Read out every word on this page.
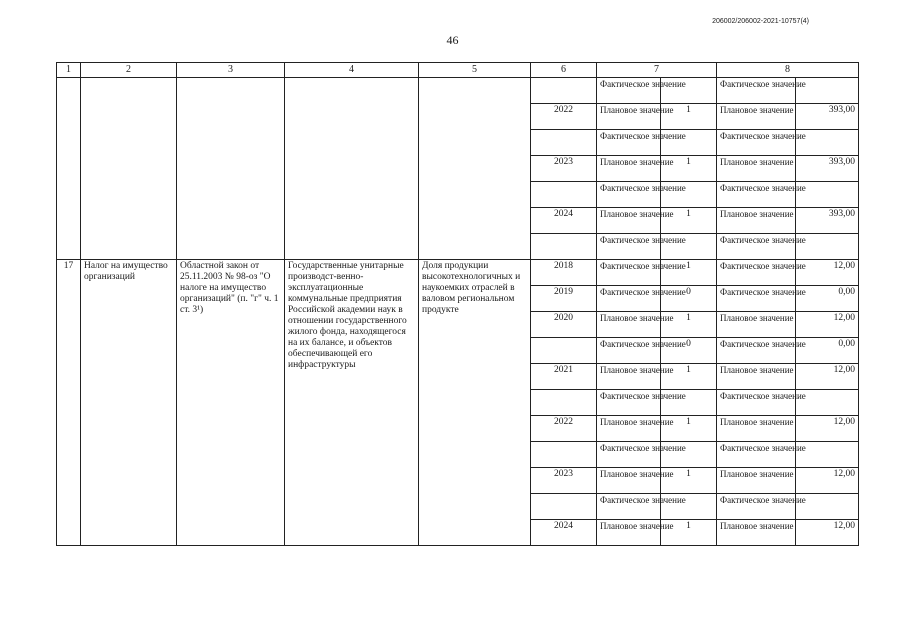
206002/206002-2021-10757(4)
46
1	2	3	4	5	6	7		8	
						Фактическое значение		Фактическое значение	
					2022	Плановое значение	1	Плановое значение	393,00
						Фактическое значение		Фактическое значение	
					2023	Плановое значение	1	Плановое значение	393,00
						Фактическое значение		Фактическое значение	
					2024	Плановое значение	1	Плановое значение	393,00
						Фактическое значение		Фактическое значение	
17	Налог на имущество организаций	Областной закон от 25.11.2003 № 98-оз "О налоге на имущество организаций" (п. "г" ч. 1 ст. 3¹)	Государственные унитарные производст-венно-эксплуатационные коммунальные предприятия Российской академии наук в отношении государственного жилого фонда, находящегося на их балансе, и объектов обеспечивающей его инфраструктуры	Доля продукции высокотехнологичных и наукоемких отраслей в валовом региональном продукте	2018	Фактическое значение	1	Фактическое значение	12,00
					2019	Фактическое значение	0	Фактическое значение	0,00
					2020	Плановое значение	1	Плановое значение	12,00
						Фактическое значение	0	Фактическое значение	0,00
					2021	Плановое значение	1	Плановое значение	12,00
						Фактическое значение		Фактическое значение	
					2022	Плановое значение	1	Плановое значение	12,00
						Фактическое значение		Фактическое значение	
					2023	Плановое значение	1	Плановое значение	12,00
						Фактическое значение		Фактическое значение	
					2024	Плановое значение	1	Плановое значение	12,00
